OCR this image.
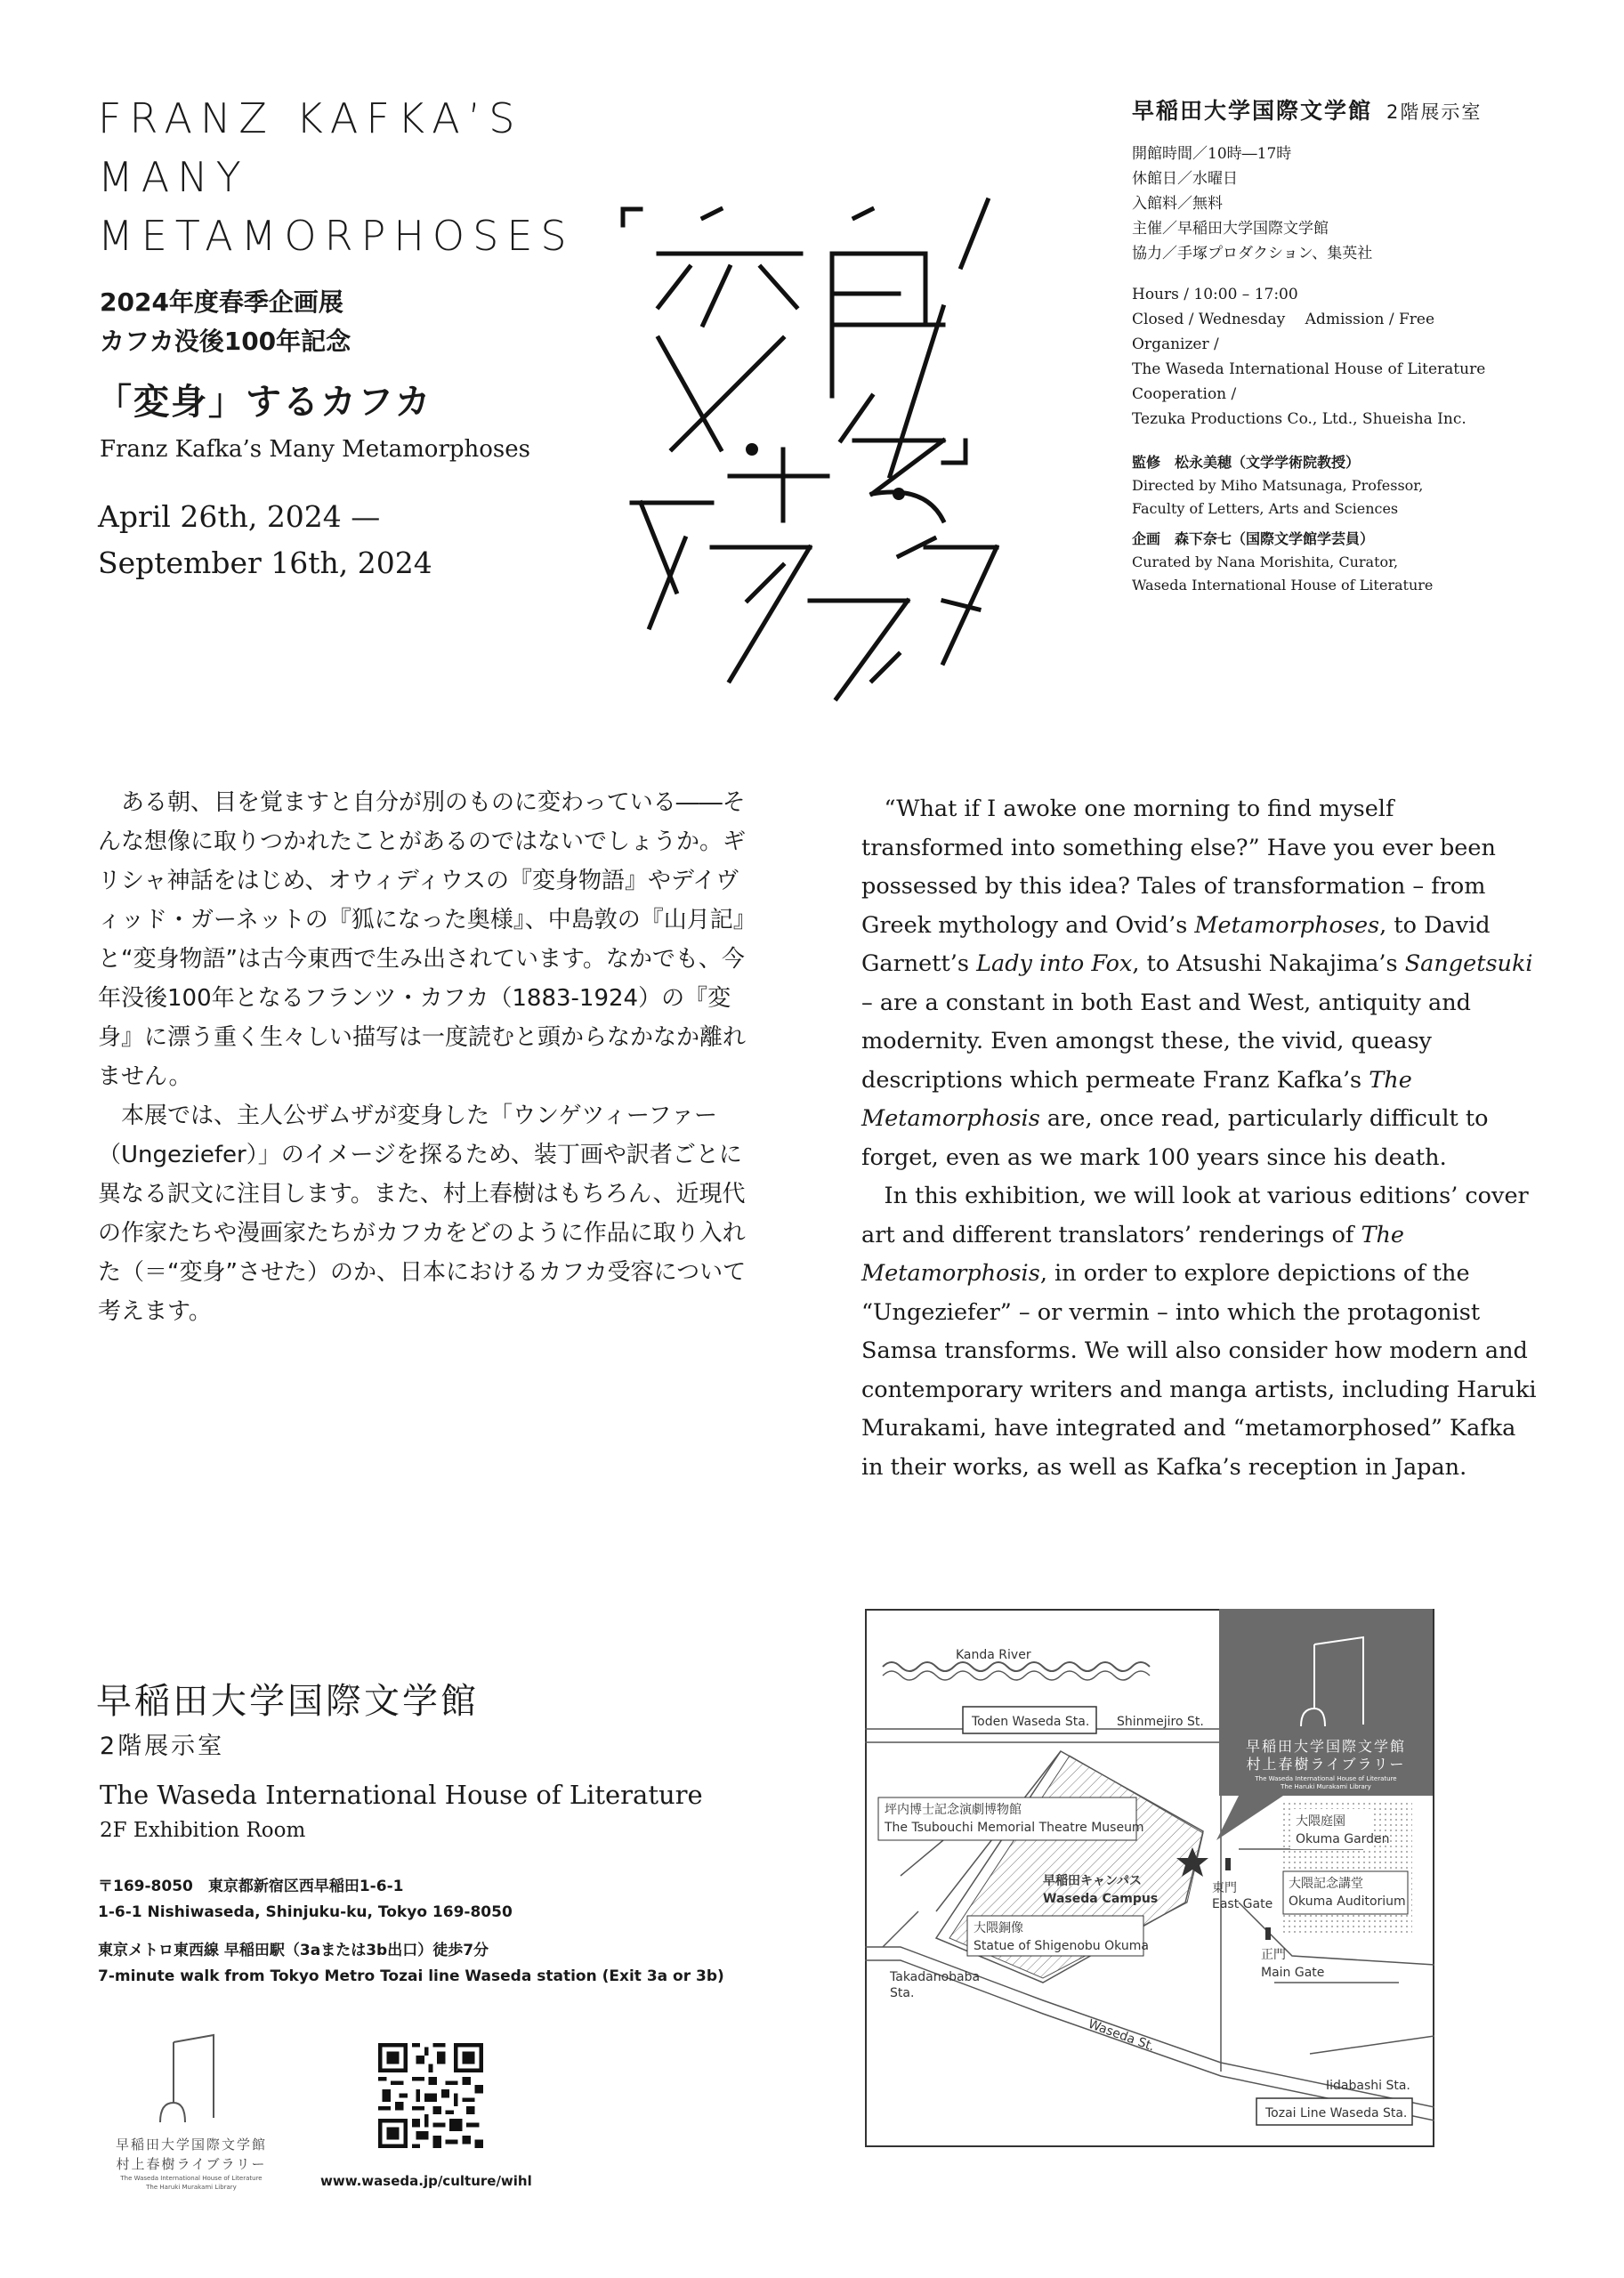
FRANZ KAFKA’S
MANY
METAMORPHOSES
2024年度春季企画展
カフカ没後100年記念
「変身」するカフカ
Franz Kafka’s Many Metamorphoses
April 26th, 2024 —
September 16th, 2024
早稲田大学国際文学館 2階展示室
開館時間／10時―17時
休館日／水曜日
入館料／無料
主催／早稲田大学国際文学館
協力／手塚プロダクション、集英社
Hours / 10:00 – 17:00
Closed / Wednesday　 Admission / Free
Organizer /
The Waseda International House of Literature
Cooperation /
Tezuka Productions Co., Ltd., Shueisha Inc.
監修　松永美穂（文学学術院教授）
Directed by Miho Matsunaga, Professor,
Faculty of Letters, Arts and Sciences
企画　森下奈七（国際文学館学芸員）
Curated by Nana Morishita, Curator,
Waseda International House of Literature

ある朝、目を覚ますと自分が別のものに変わっている――そんな想像に取りつかれたことがあるのではないでしょうか。ギリシャ神話をはじめ、オウィディウスの『変身物語』やデイヴィッド・ガーネットの『狐になった奥様』、中島敦の『山月記』と“変身物語”は古今東西で生み出されています。なかでも、今年没後100年となるフランツ・カフカ（1883-1924）の『変身』に漂う重く生々しい描写は一度読むと頭からなかなか離れません。

本展では、主人公ザムザが変身した「ウンゲツィーファー（Ungeziefer）」のイメージを探るため、装丁画や訳者ごとに異なる訳文に注目します。また、村上春樹はもちろん、近現代の作家たちや漫画家たちがカフカをどのように作品に取り入れた（＝“変身”させた）のか、日本におけるカフカ受容について考えます。

“What if I awoke one morning to find myself transformed into something else?” Have you ever been possessed by this idea? Tales of transformation – from Greek mythology and Ovid’s Metamorphoses, to David Garnett’s Lady into Fox, to Atsushi Nakajima’s Sangetsuki – are a constant in both East and West, antiquity and modernity. Even amongst these, the vivid, queasy descriptions which permeate Franz Kafka’s The Metamorphosis are, once read, particularly difficult to forget, even as we mark 100 years since his death.

In this exhibition, we will look at various editions’ cover art and different translators’ renderings of The Metamorphosis, in order to explore depictions of the “Ungeziefer” – or vermin – into which the protagonist Samsa transforms. We will also consider how modern and contemporary writers and manga artists, including Haruki Murakami, have integrated and “metamorphosed” Kafka in their works, as well as Kafka’s reception in Japan.

早稲田大学国際文学館
2階展示室
The Waseda International House of Literature
2F Exhibition Room
〒169-8050　東京都新宿区西早稲田1-6-1
1-6-1 Nishiwaseda, Shinjuku-ku, Tokyo 169-8050
東京メトロ東西線 早稲田駅（3aまたは3b出口）徒歩7分
7-minute walk from Tokyo Metro Tozai line Waseda station (Exit 3a or 3b)
早稲田大学国際文学館
村上春樹ライブラリー
The Waseda International House of Literature
The Haruki Murakami Library	www.waseda.jp/culture/wihl
Kanda River
Toden Waseda Sta. Shinmejiro St.
Tozai Line Waseda Sta.
早稲田大学国際文学館
村上春樹ライブラリー
The Waseda International House of Literature
The Haruki Murakami Library
坪内博士記念演劇博物館
The Tsubouchi Memorial Theatre Museum	大隈庭園
Okuma Garden
早稲田キャンパス
Waseda Campus
東門
East Gate
大隈記念講堂
Okuma Auditorium
大隈銅像
Statue of Shigenobu Okuma
正門
Main Gate
Takadanobaba
Sta.
Waseda St.
Iidabashi Sta.
